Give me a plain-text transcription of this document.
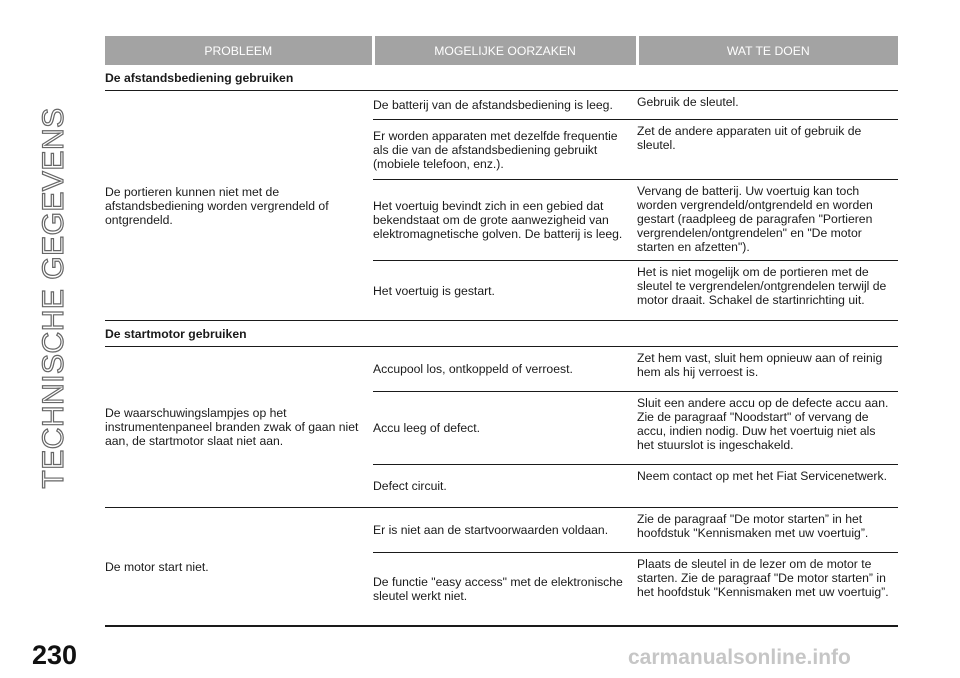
TECHNISCHE GEGEVENS
PROBLEEM	MOGELIJKE OORZAKEN	WAT TE DOEN
De afstandsbediening gebruiken		
De portieren kunnen niet met de afstandsbediening worden vergrendeld of ontgrendeld.	De batterij van de afstandsbediening is leeg.	Gebruik de sleutel.
	Er worden apparaten met dezelfde frequentie als die van de afstandsbediening gebruikt (mobiele telefoon, enz.).	Zet de andere apparaten uit of gebruik de sleutel.
	Het voertuig bevindt zich in een gebied dat bekendstaat om de grote aanwezigheid van elektromagnetische golven. De batterij is leeg.	Vervang de batterij. Uw voertuig kan toch worden vergrendeld/ontgrendeld en worden gestart (raadpleeg de paragrafen "Portieren vergrendelen/ontgrendelen" en "De motor starten en afzetten").
	Het voertuig is gestart.	Het is niet mogelijk om de portieren met de sleutel te vergrendelen/ontgrendelen terwijl de motor draait. Schakel de startinrichting uit.
De startmotor gebruiken		
De waarschuwingslampjes op het instrumentenpaneel branden zwak of gaan niet aan, de startmotor slaat niet aan.	Accupool los, ontkoppeld of verroest.	Zet hem vast, sluit hem opnieuw aan of reinig hem als hij verroest is.
	Accu leeg of defect.	Sluit een andere accu op de defecte accu aan. Zie de paragraaf "Noodstart" of vervang de accu, indien nodig. Duw het voertuig niet als het stuurslot is ingeschakeld.
	Defect circuit.	Neem contact op met het Fiat Servicenetwerk.
De motor start niet.	Er is niet aan de startvoorwaarden voldaan.	Zie de paragraaf "De motor starten” in het hoofdstuk "Kennismaken met uw voertuig”.
	De functie "easy access" met de elektronische sleutel werkt niet.	Plaats de sleutel in de lezer om de motor te starten. Zie de paragraaf "De motor starten” in het hoofdstuk "Kennismaken met uw voertuig”.
230	carmanualsonline.info
